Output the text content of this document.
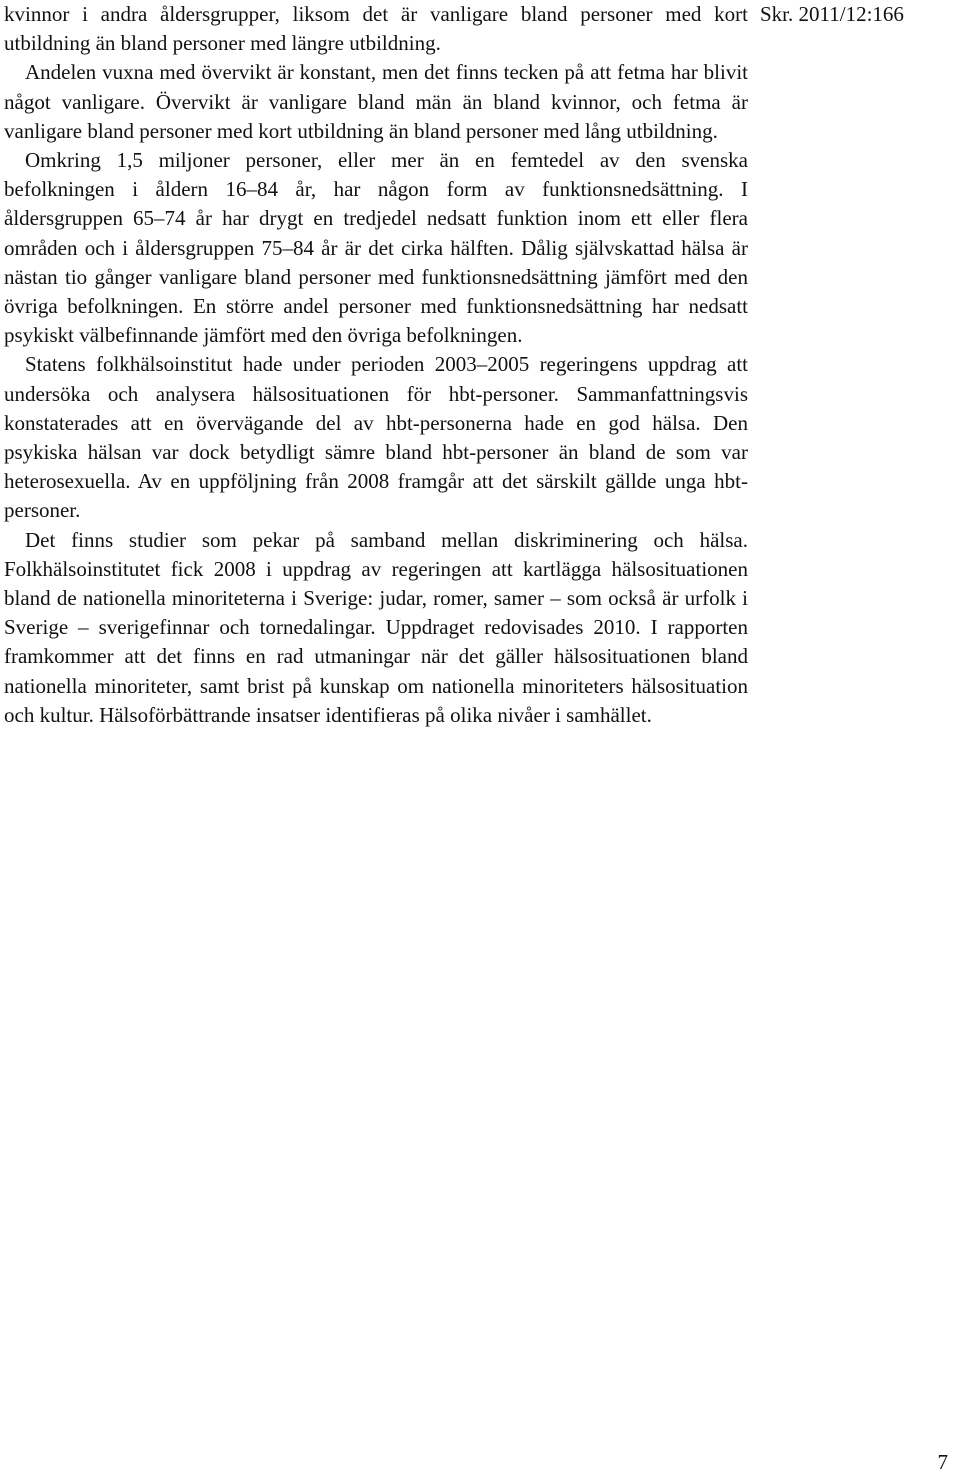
kvinnor i andra åldersgrupper, liksom det är vanligare bland personer med kort utbildning än bland personer med längre utbildning.

Andelen vuxna med övervikt är konstant, men det finns tecken på att fetma har blivit något vanligare. Övervikt är vanligare bland män än bland kvinnor, och fetma är vanligare bland personer med kort utbildning än bland personer med lång utbildning.

Omkring 1,5 miljoner personer, eller mer än en femtedel av den svenska befolkningen i åldern 16–84 år, har någon form av funktionsnedsättning. I åldersgruppen 65–74 år har drygt en tredjedel nedsatt funktion inom ett eller flera områden och i åldersgruppen 75–84 år är det cirka hälften. Dålig självskattad hälsa är nästan tio gånger vanligare bland personer med funktionsnedsättning jämfört med den övriga befolkningen. En större andel personer med funktionsnedsättning har nedsatt psykiskt välbefinnande jämfört med den övriga befolkningen.

Statens folkhälsoinstitut hade under perioden 2003–2005 regeringens uppdrag att undersöka och analysera hälsosituationen för hbt-personer. Sammanfattningsvis konstaterades att en övervägande del av hbt-personerna hade en god hälsa. Den psykiska hälsan var dock betydligt sämre bland hbt-personer än bland de som var heterosexuella. Av en uppföljning från 2008 framgår att det särskilt gällde unga hbt-personer.

Det finns studier som pekar på samband mellan diskriminering och hälsa. Folkhälsoinstitutet fick 2008 i uppdrag av regeringen att kartlägga hälsosituationen bland de nationella minoriteterna i Sverige: judar, romer, samer – som också är urfolk i Sverige – sverigefinnar och tornedalingar. Uppdraget redovisades 2010. I rapporten framkommer att det finns en rad utmaningar när det gäller hälsosituationen bland nationella minoriteter, samt brist på kunskap om nationella minoriteters hälsosituation och kultur. Hälsoförbättrande insatser identifieras på olika nivåer i samhället.

Skr. 2011/12:166
7
